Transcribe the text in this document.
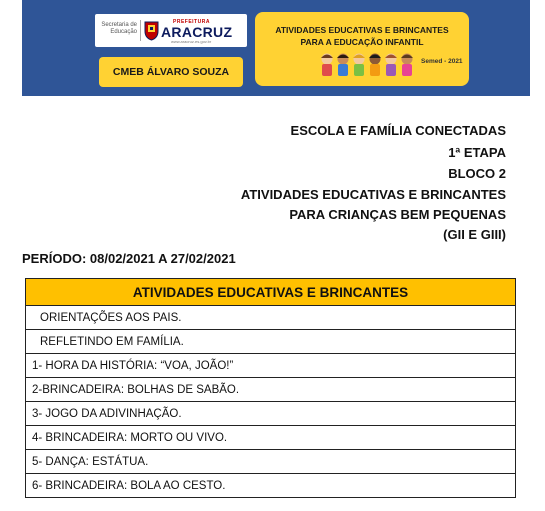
Secretaria de
Educação
PREFEITURA
ARACRUZ
www.aracruz.es.gov.br
CMEB ÁLVARO SOUZA
ATIVIDADES EDUCATIVAS E BRINCANTES
PARA A EDUCAÇÃO INFANTIL
Semed - 2021
ESCOLA E FAMÍLIA CONECTADAS
1ª ETAPA
BLOCO 2
ATIVIDADES EDUCATIVAS E BRINCANTES
PARA CRIANÇAS BEM PEQUENAS
(GII E GIII)
PERÍODO: 08/02/2021 A 27/02/2021
ATIVIDADES EDUCATIVAS E BRINCANTES
ORIENTAÇÕES AOS PAIS.
REFLETINDO EM FAMÍLIA.
1- HORA DA HISTÓRIA: “VOA, JOÃO!”
2-BRINCADEIRA: BOLHAS DE SABÃO.
3- JOGO DA ADIVINHAÇÃO.
4- BRINCADEIRA: MORTO OU VIVO.
5- DANÇA: ESTÁTUA.
6- BRINCADEIRA: BOLA AO CESTO.
